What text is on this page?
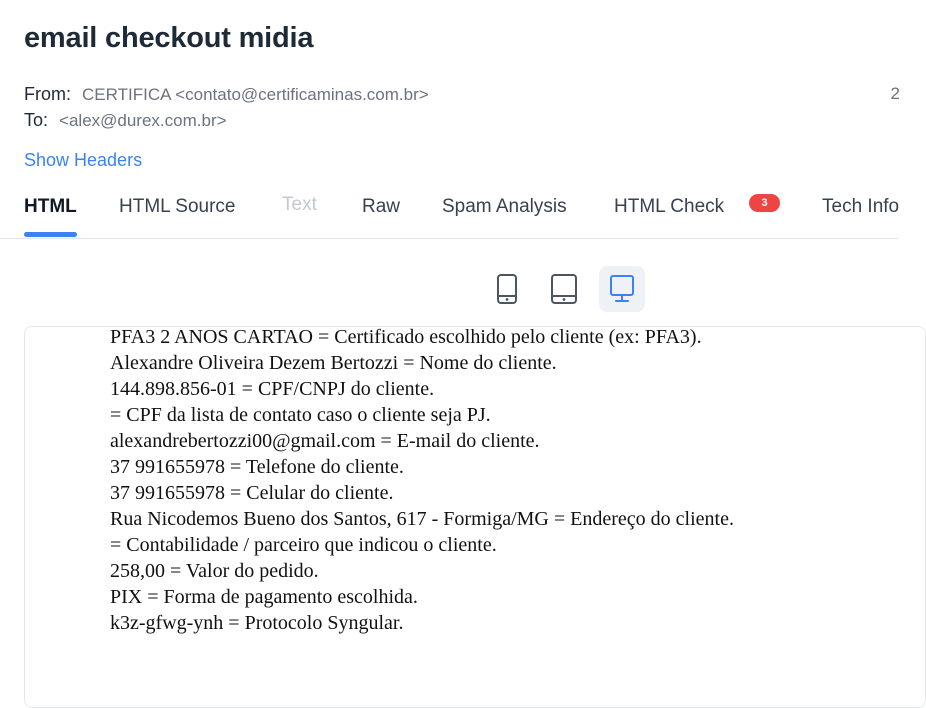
email checkout midia
From: CERTIFICA <contato@certificaminas.com.br>
To: <alex@durex.com.br>
2
Show Headers
HTML HTML Source Text Raw Spam Analysis HTML Check	3	Tech Info
PFA3 2 ANOS CARTAO = Certificado escolhido pelo cliente (ex: PFA3).
Alexandre Oliveira Dezem Bertozzi = Nome do cliente.
144.898.856-01 = CPF/CNPJ do cliente.
= CPF da lista de contato caso o cliente seja PJ.
alexandrebertozzi00@gmail.com = E-mail do cliente.
37 991655978 = Telefone do cliente.
37 991655978 = Celular do cliente.
Rua Nicodemos Bueno dos Santos, 617 - Formiga/MG = Endereço do cliente.
= Contabilidade / parceiro que indicou o cliente.
258,00 = Valor do pedido.
PIX = Forma de pagamento escolhida.
k3z-gfwg-ynh = Protocolo Syngular.
